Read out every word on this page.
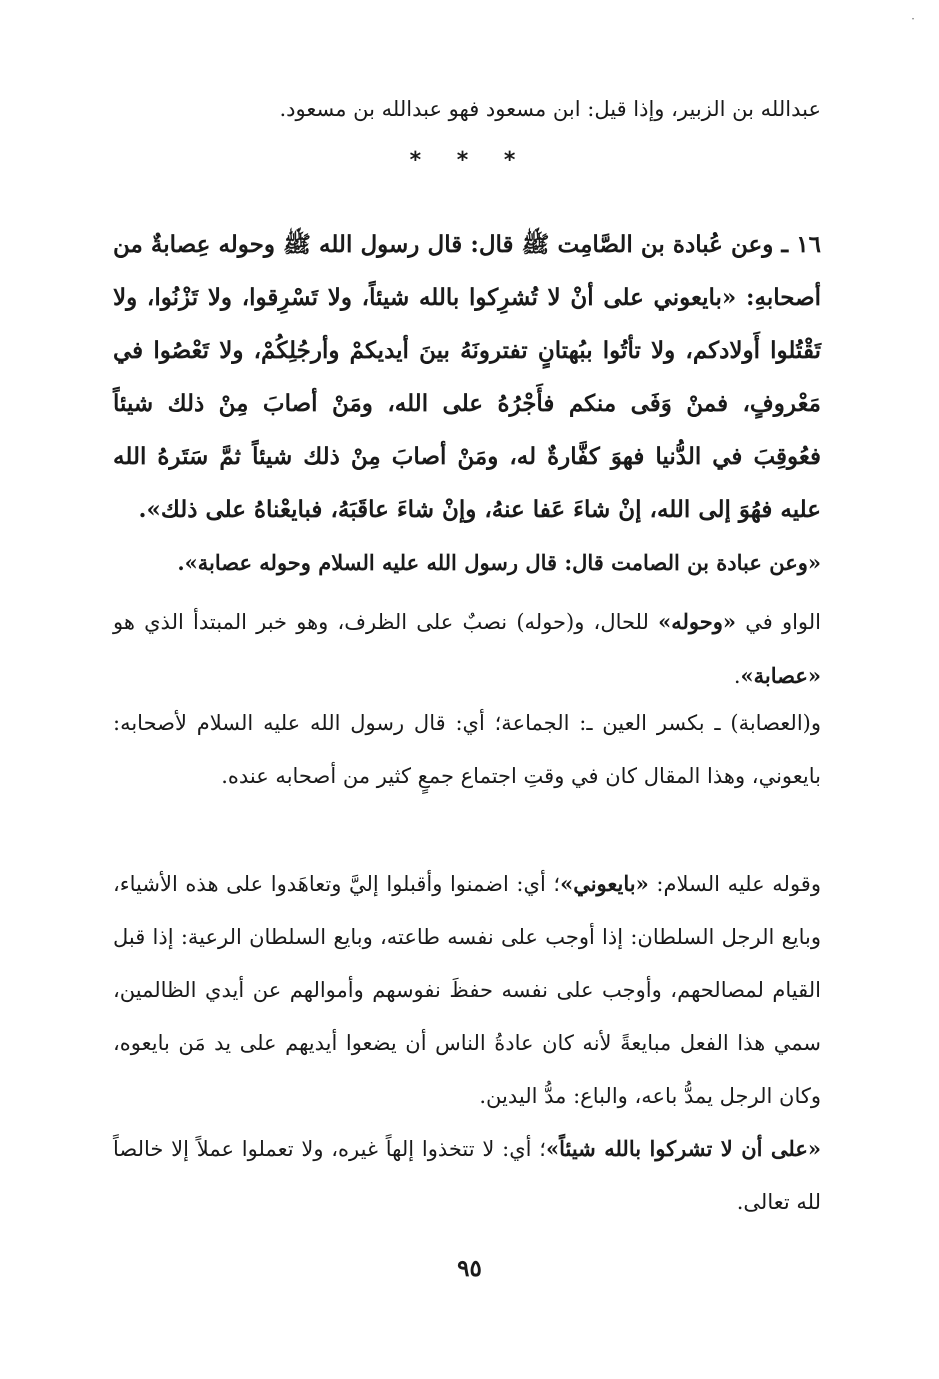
·

عبدالله بن الزبير، وإذا قيل: ابن مسعود فهو عبدالله بن مسعود.

* * *

١٦ ـ وعن عُبادة بن الصَّامِت ﷺ قال: قال رسول الله ﷺ وحوله عِصابةٌ من أصحابهِ: «بايعوني على أنْ لا تُشرِكوا بالله شيئاً، ولا تَسْرِقوا، ولا تَزْنُوا، ولا تَقْتُلوا أَولادكم، ولا تأتُوا ببُهتانٍ تفترونَهُ بينَ أيديكمْ وأرجُلِكُمْ، ولا تَعْصُوا في مَعْروفٍ، فمنْ وَفَى منكم فأَجْرُهُ على الله، ومَنْ أصابَ مِنْ ذلك شيئاً فعُوقِبَ في الدُّنيا فهوَ كفَّارةٌ له، ومَنْ أصابَ مِنْ ذلك شيئاً ثمَّ سَتَرهُ الله عليه فهُوَ إلى الله، إنْ شاءَ عَفا عنهُ، وإنْ شاءَ عاقَبَهُ، فبايعْناهُ على ذلك».

«وعن عبادة بن الصامت قال: قال رسول الله عليه السلام وحوله عصابة».

الواو في «وحوله» للحال، و(حوله) نصبٌ على الظرف، وهو خبر المبتدأ الذي هو «عصابة».

و(العصابة) ـ بكسر العين ـ: الجماعة؛ أي: قال رسول الله عليه السلام لأصحابه: بايعوني، وهذا المقال كان في وقتِ اجتماع جمعٍ كثير من أصحابه عنده.

وقوله عليه السلام: «بايعوني»؛ أي: اضمنوا وأقبلوا إليَّ وتعاهَدوا على هذه الأشياء، وبايع الرجل السلطان: إذا أوجب على نفسه طاعته، وبايع السلطان الرعية: إذا قبل القيام لمصالحهم، وأوجب على نفسه حفظَ نفوسهم وأموالهم عن أيدي الظالمين، سمي هذا الفعل مبايعةً لأنه كان عادةُ الناس أن يضعوا أيديهم على يد مَن بايعوه، وكان الرجل يمدُّ باعه، والباع: مدُّ اليدين.

«على أن لا تشركوا بالله شيئاً»؛ أي: لا تتخذوا إلهاً غيره، ولا تعملوا عملاً إلا خالصاً لله تعالى.

٩٥
